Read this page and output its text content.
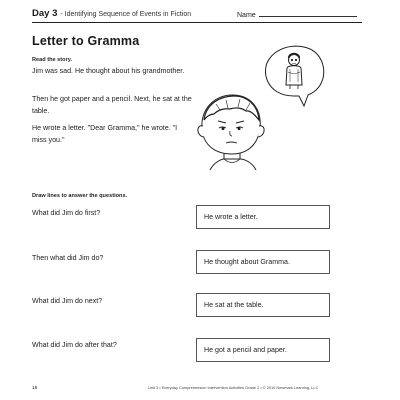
Day 3 - Identifying Sequence of Events in Fiction	Name
Letter to Gramma
Read the story.

Jim was sad. He thought about his grandmother.

Then he got paper and a pencil. Next, he sat at the table.

He wrote a letter. "Dear Gramma," he wrote. "I miss you."

Draw lines to answer the questions.
What did Jim do first?
Then what did Jim do?
What did Jim do next?
What did Jim do after that?
He wrote a letter.
He thought about Gramma.
He sat at the table.
He got a pencil and paper.
16	Unit 3 • Everyday Comprehension Intervention Activities Grade 2 • © 2010 Newmark Learning, LLC
